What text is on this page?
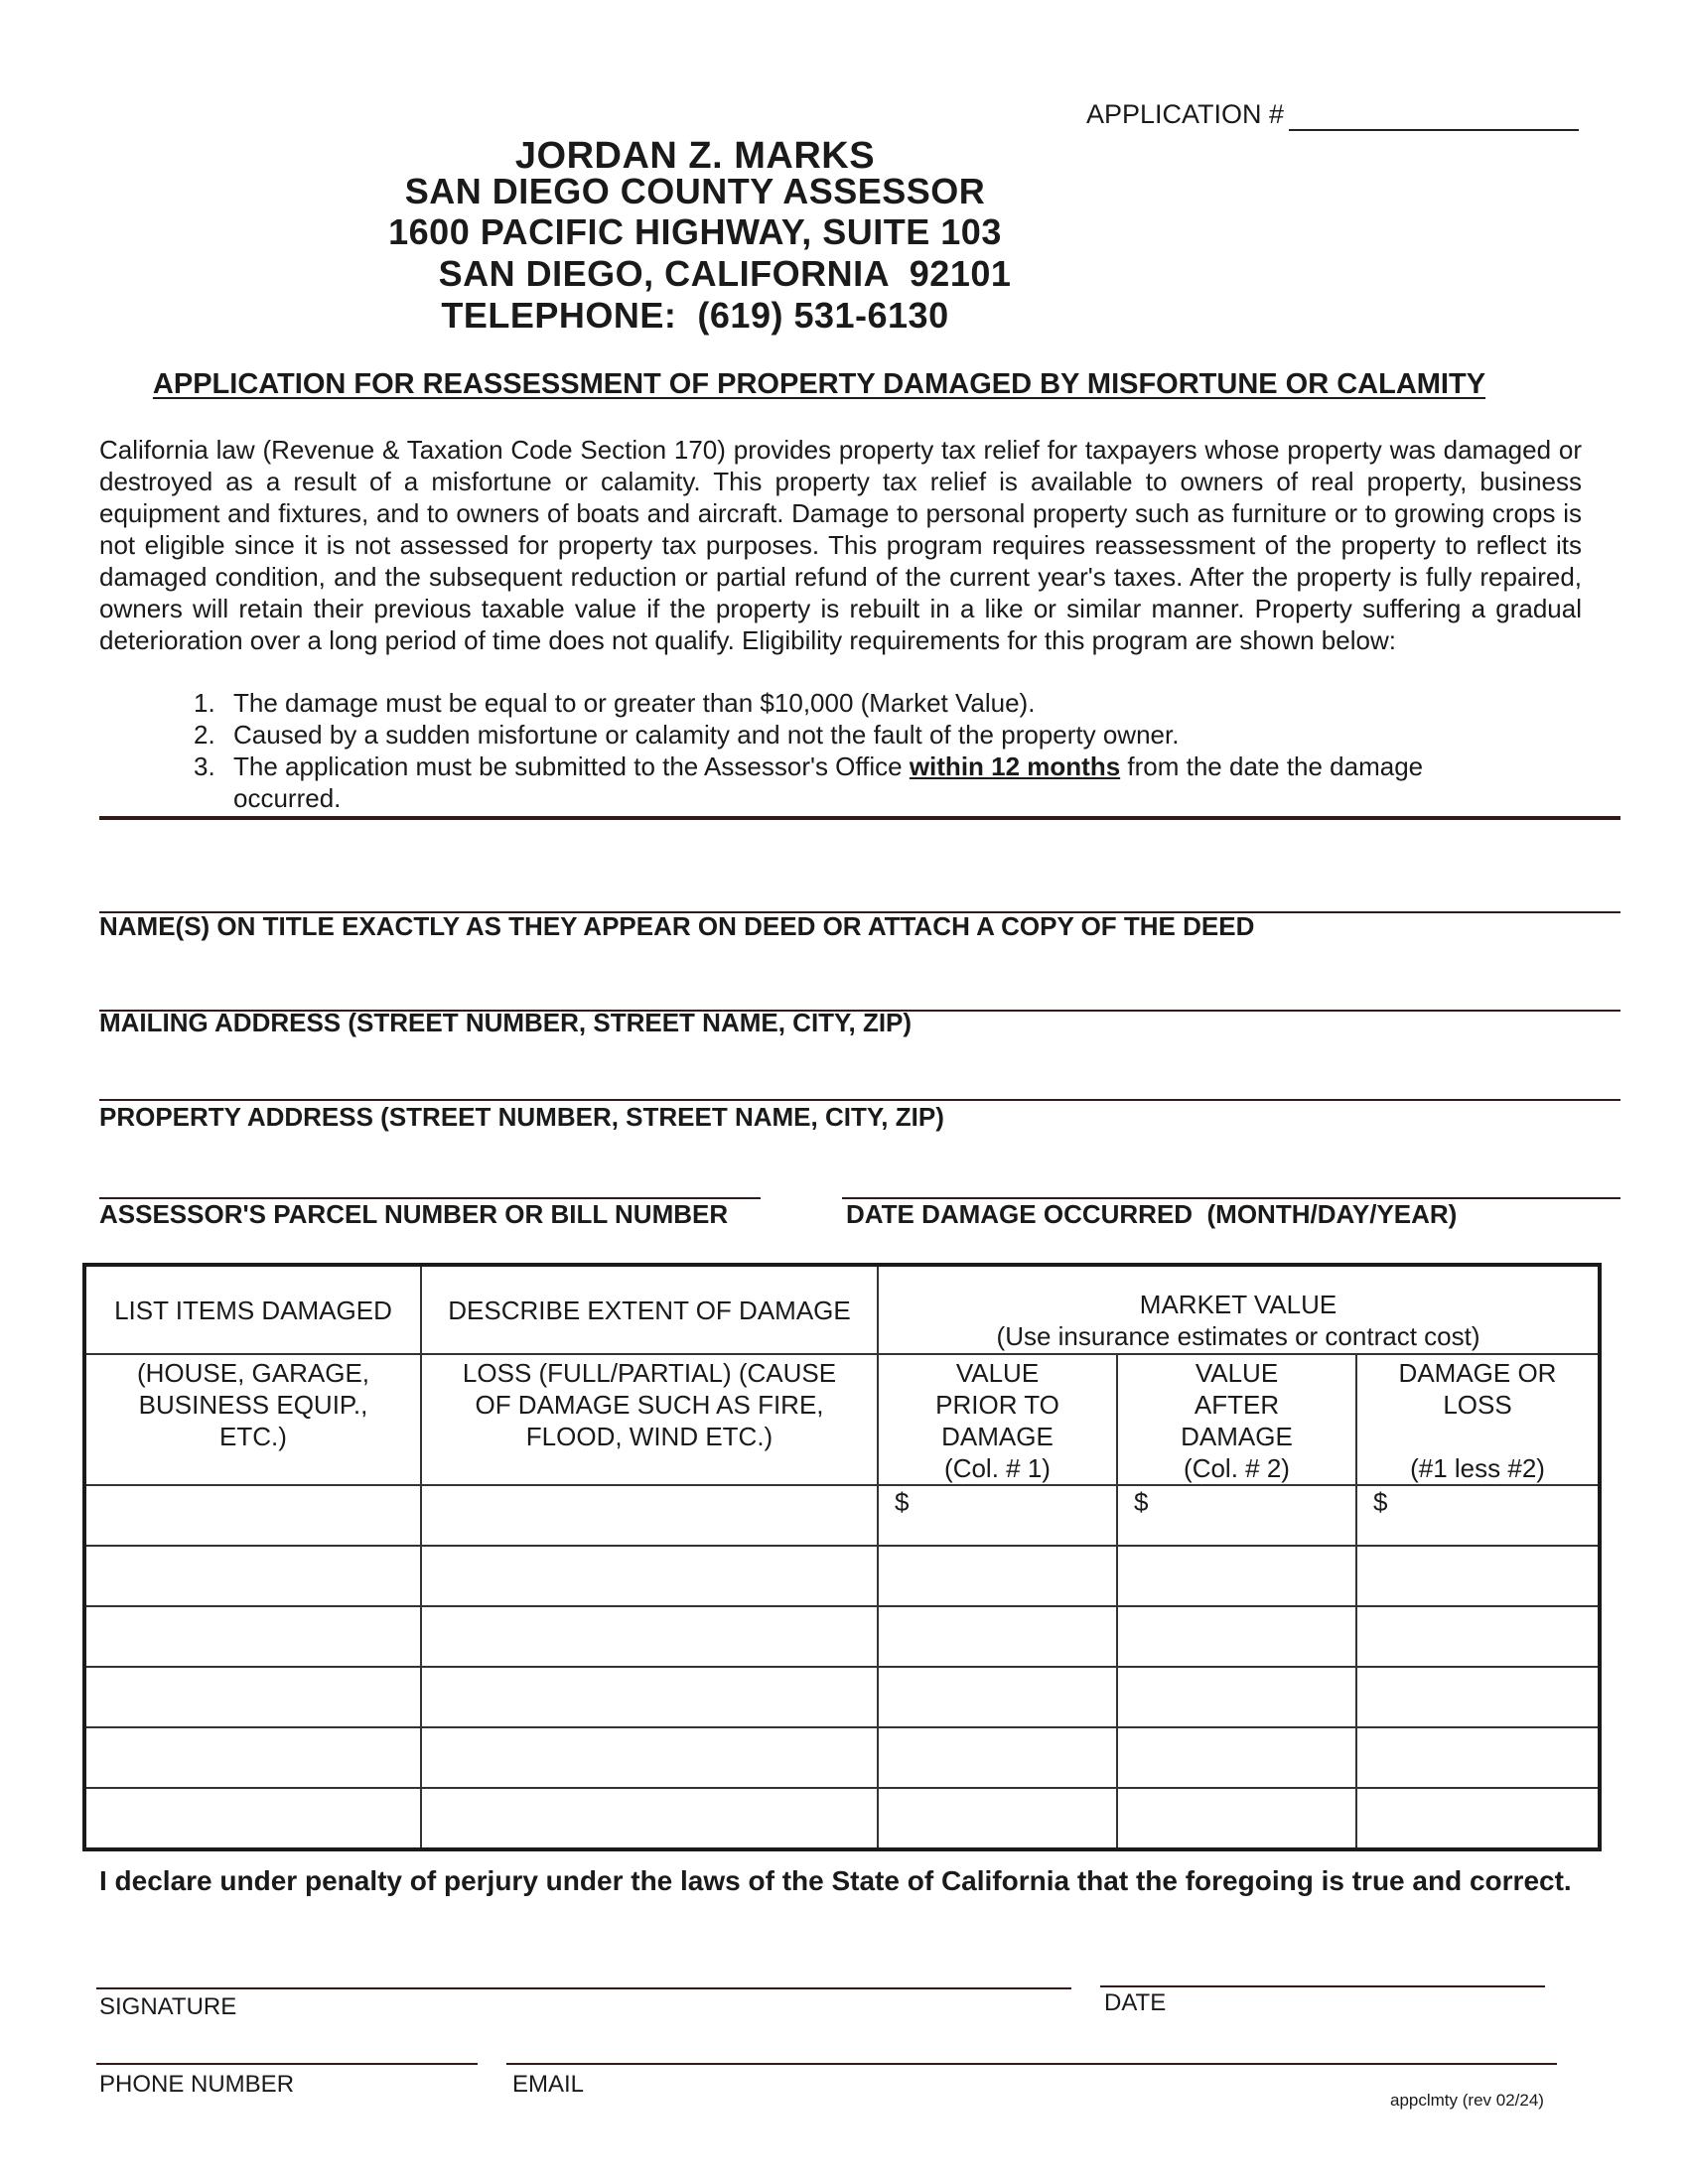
APPLICATION #
JORDAN Z. MARKS
SAN DIEGO COUNTY ASSESSOR
1600 PACIFIC HIGHWAY, SUITE 103
SAN DIEGO, CALIFORNIA  92101
TELEPHONE:  (619) 531-6130
APPLICATION FOR REASSESSMENT OF PROPERTY DAMAGED BY MISFORTUNE OR CALAMITY
California law (Revenue & Taxation Code Section 170) provides property tax relief for taxpayers whose property was damaged or destroyed as a result of a misfortune or calamity. This property tax relief is available to owners of real property, business equipment and fixtures, and to owners of boats and aircraft. Damage to personal property such as furniture or to growing crops is not eligible since it is not assessed for property tax purposes. This program requires reassessment of the property to reflect its damaged condition, and the subsequent reduction or partial refund of the current year's taxes. After the property is fully repaired, owners will retain their previous taxable value if the property is rebuilt in a like or similar manner. Property suffering a gradual deterioration over a long period of time does not qualify. Eligibility requirements for this program are shown below:
1. The damage must be equal to or greater than $10,000 (Market Value).
2. Caused by a sudden misfortune or calamity and not the fault of the property owner.
3. The application must be submitted to the Assessor's Office within 12 months from the date the damage occurred.
NAME(S) ON TITLE EXACTLY AS THEY APPEAR ON DEED OR ATTACH A COPY OF THE DEED
MAILING ADDRESS (STREET NUMBER, STREET NAME, CITY, ZIP)
PROPERTY ADDRESS (STREET NUMBER, STREET NAME, CITY, ZIP)
ASSESSOR'S PARCEL NUMBER OR BILL NUMBER	DATE DAMAGE OCCURRED  (MONTH/DAY/YEAR)
LIST ITEMS DAMAGED	DESCRIBE EXTENT OF DAMAGE	MARKET VALUE
(Use insurance estimates or contract cost)		

(HOUSE, GARAGE, BUSINESS EQUIP., ETC.)	LOSS (FULL/PARTIAL) (CAUSE OF DAMAGE SUCH AS FIRE, FLOOD, WIND ETC.)	VALUE PRIOR TO DAMAGE (Col. # 1)	VALUE AFTER DAMAGE (Col. # 2)	DAMAGE OR LOSS
(#1 less #2)

		$	$	$

I declare under penalty of perjury under the laws of the State of California that the foregoing is true and correct.
SIGNATURE	DATE
PHONE NUMBER	EMAIL
appclmty (rev 02/24)
